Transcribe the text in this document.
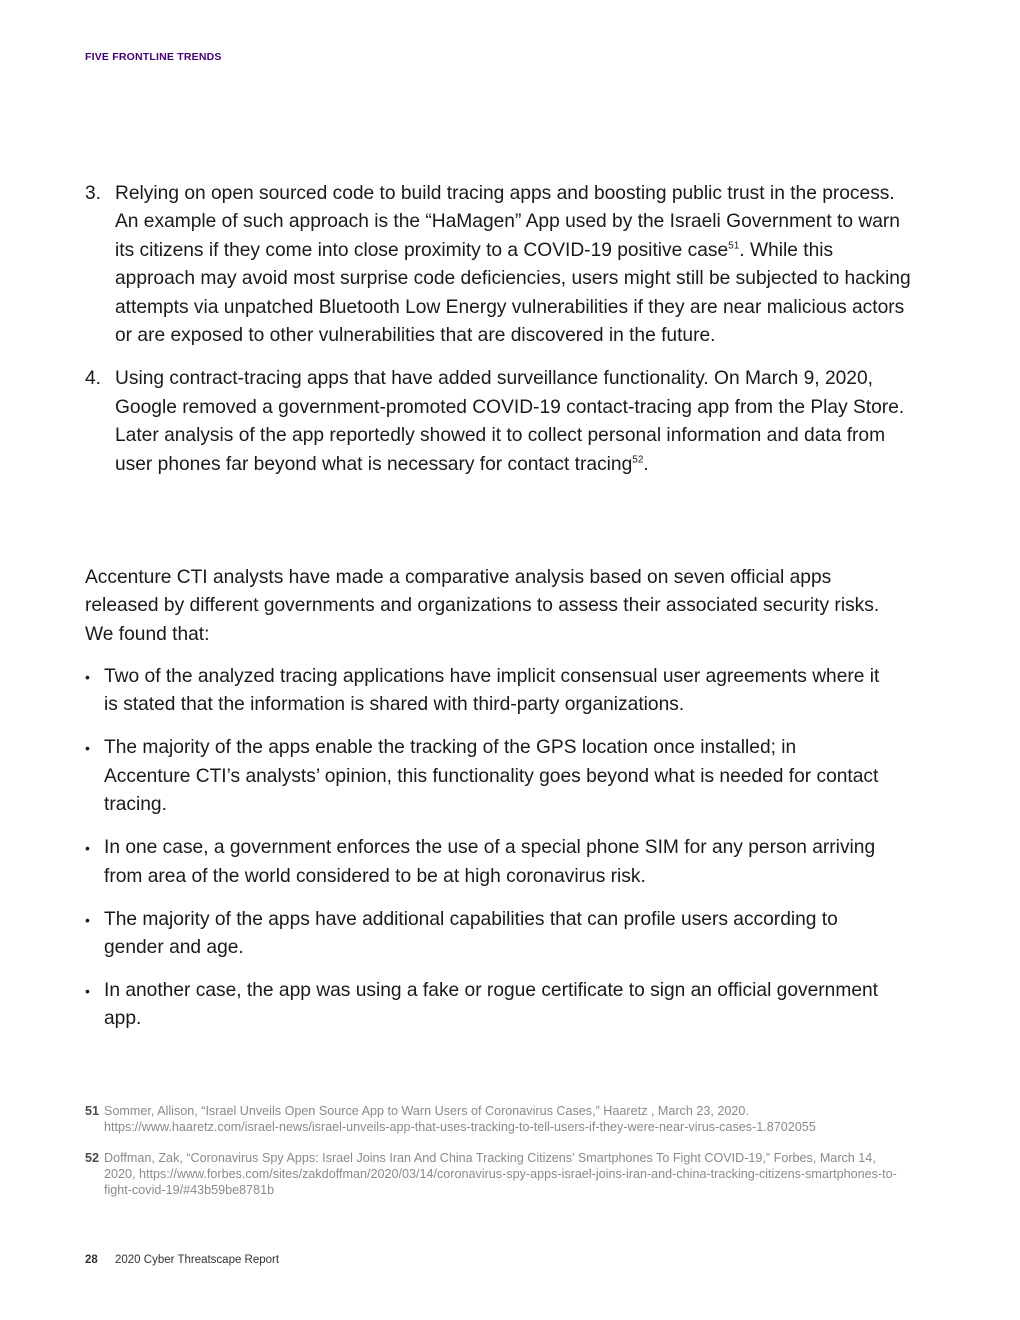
FIVE FRONTLINE TRENDS
3 . Relying on open sourced code to build tracing apps and boosting public trust in the process. An example of such approach is the “HaMagen” App used by the Israeli Government to warn its citizens if they come into close proximity to a COVID-19 positive case$^{51}$. While this approach may avoid most surprise code deficiencies, users might still be subjected to hacking attempts via unpatched Bluetooth Low Energy vulnerabilities if they are near malicious actors or are exposed to other vulnerabilities that are discovered in the future.
4 . Using contract-tracing apps that have added surveillance functionality. On March 9, 2020, Google removed a government-promoted COVID-19 contact-tracing app from the Play Store. Later analysis of the app reportedly showed it to collect personal information and data from user phones far beyond what is necessary for contact tracing$^{52}$.

Accenture CTI analysts have made a comparative analysis based on seven official apps released by different governments and organizations to assess their associated security risks. We found that:

• Two of the analyzed tracing applications have implicit consensual user agreements where it is stated that the information is shared with third-party organizations.
• The majority of the apps enable the tracking of the GPS location once installed; in Accenture CTI’s analysts’ opinion, this functionality goes beyond what is needed for contact tracing.
• In one case, a government enforces the use of a special phone SIM for any person arriving from area of the world considered to be at high coronavirus risk.
• The majority of the apps have additional capabilities that can profile users according to gender and age.
• In another case, the app was using a fake or rogue certificate to sign an official government app.
51 Sommer, Allison, “Israel Unveils Open Source App to Warn Users of Coronavirus Cases,” Haaretz , March 23, 2020. https://www.haaretz.com/israel-news/israel-unveils-app-that-uses-tracking-to-tell-users-if-they-were-near-virus-cases-1.8702055
52 Doffman, Zak, “Coronavirus Spy Apps: Israel Joins Iran And China Tracking Citizens’ Smartphones To Fight COVID-19,” Forbes, March 14, 2020, https://www.forbes.com/sites/zakdoffman/2020/03/14/coronavirus-spy-apps-israel-joins-iran-and-china-tracking-citizens-smartphones-to-fight-covid-19/#43b59be8781b
28 2020 Cyber Threatscape Report
